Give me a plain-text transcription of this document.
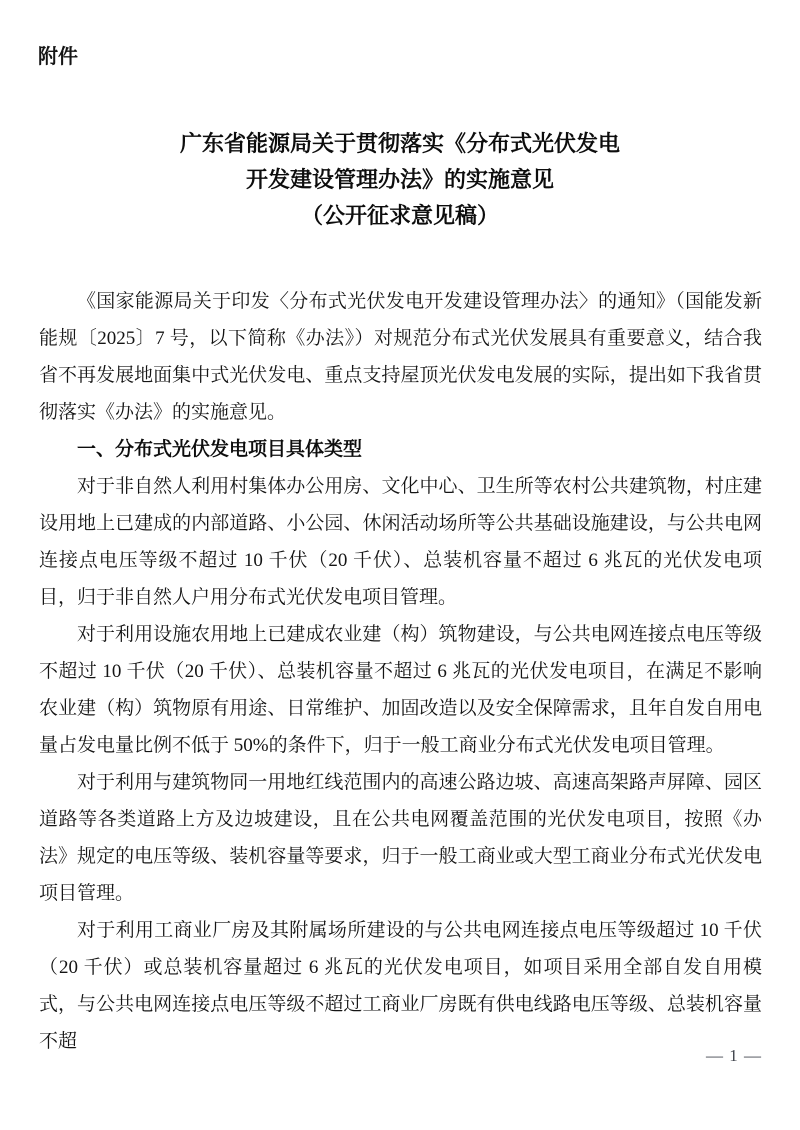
附件
广东省能源局关于贯彻落实《分布式光伏发电
开发建设管理办法》的实施意见
（公开征求意见稿）

《国家能源局关于印发〈分布式光伏发电开发建设管理办法〉的通知》（国能发新能规〔2025〕7 号，以下简称《办法》）对规范分布式光伏发展具有重要意义，结合我省不再发展地面集中式光伏发电、重点支持屋顶光伏发电发展的实际，提出如下我省贯彻落实《办法》的实施意见。

一、分布式光伏发电项目具体类型

对于非自然人利用村集体办公用房、文化中心、卫生所等农村公共建筑物，村庄建设用地上已建成的内部道路、小公园、休闲活动场所等公共基础设施建设，与公共电网连接点电压等级不超过 10 千伏（20 千伏）、总装机容量不超过 6 兆瓦的光伏发电项目，归于非自然人户用分布式光伏发电项目管理。

对于利用设施农用地上已建成农业建（构）筑物建设，与公共电网连接点电压等级不超过 10 千伏（20 千伏）、总装机容量不超过 6 兆瓦的光伏发电项目，在满足不影响农业建（构）筑物原有用途、日常维护、加固改造以及安全保障需求，且年自发自用电量占发电量比例不低于 50%的条件下，归于一般工商业分布式光伏发电项目管理。

对于利用与建筑物同一用地红线范围内的高速公路边坡、高速高架路声屏障、园区道路等各类道路上方及边坡建设，且在公共电网覆盖范围的光伏发电项目，按照《办法》规定的电压等级、装机容量等要求，归于一般工商业或大型工商业分布式光伏发电项目管理。

对于利用工商业厂房及其附属场所建设的与公共电网连接点电压等级超过 10 千伏（20 千伏）或总装机容量超过 6 兆瓦的光伏发电项目，如项目采用全部自发自用模式，与公共电网连接点电压等级不超过工商业厂房既有供电线路电压等级、总装机容量不超

— 1 —
